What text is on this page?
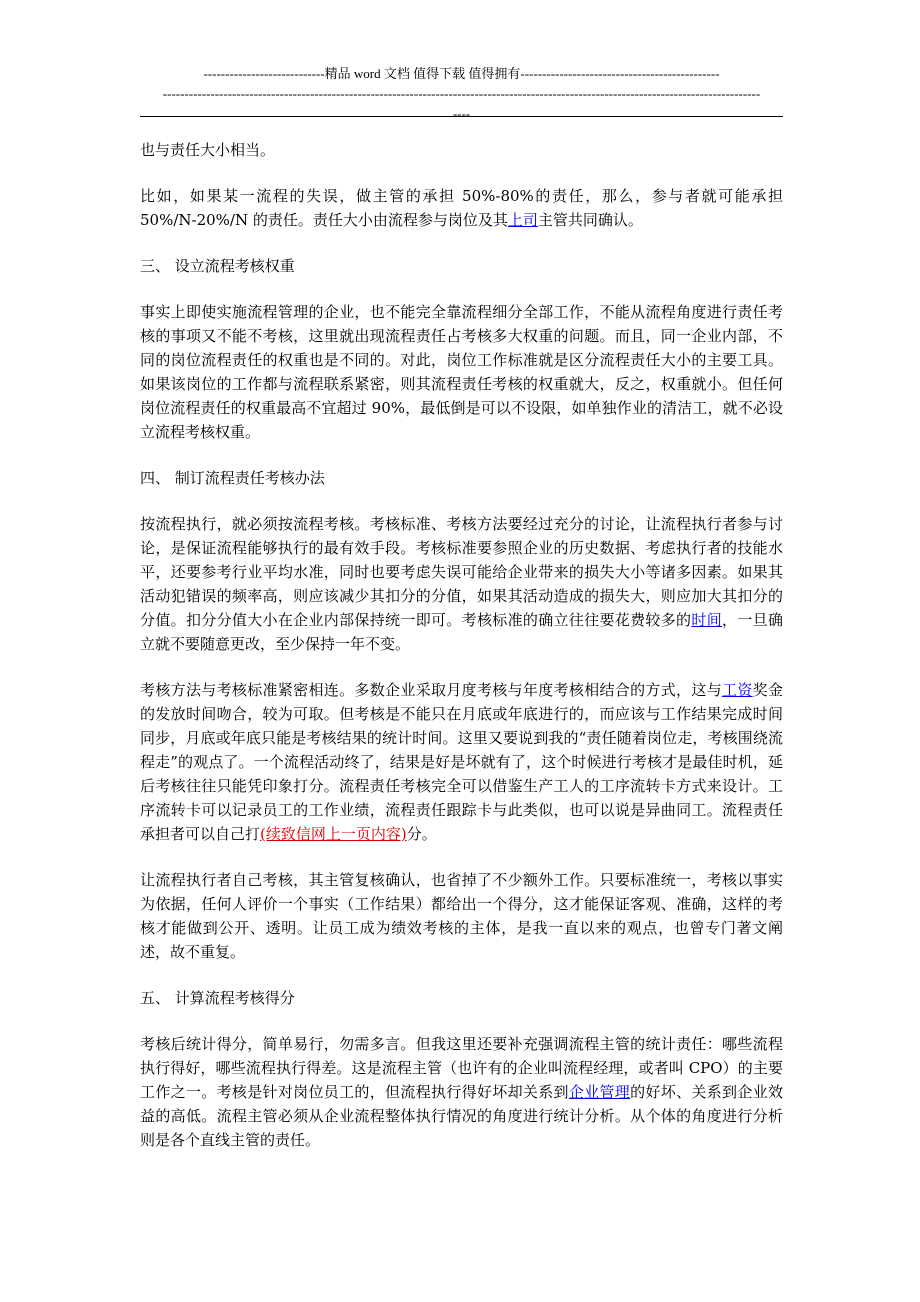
----------------------------精品 word 文档 值得下载 值得拥有----------------------------------------------
------------------------------------------------------------------------------------------------------------------------------------------
----

也与责任大小相当。

比如，如果某一流程的失误，做主管的承担 50%-80%的责任，那么，参与者就可能承担 50%/N-20%/N 的责任。责任大小由流程参与岗位及其上司主管共同确认。

三、 设立流程考核权重

事实上即使实施流程管理的企业，也不能完全靠流程细分全部工作，不能从流程角度进行责任考核的事项又不能不考核，这里就出现流程责任占考核多大权重的问题。而且，同一企业内部，不同的岗位流程责任的权重也是不同的。对此，岗位工作标准就是区分流程责任大小的主要工具。如果该岗位的工作都与流程联系紧密，则其流程责任考核的权重就大，反之，权重就小。但任何岗位流程责任的权重最高不宜超过 90%，最低倒是可以不设限，如单独作业的清洁工，就不必设立流程考核权重。

四、 制订流程责任考核办法

按流程执行，就必须按流程考核。考核标准、考核方法要经过充分的讨论，让流程执行者参与讨论，是保证流程能够执行的最有效手段。考核标准要参照企业的历史数据、考虑执行者的技能水平，还要参考行业平均水准，同时也要考虑失误可能给企业带来的损失大小等诸多因素。如果其活动犯错误的频率高，则应该减少其扣分的分值，如果其活动造成的损失大，则应加大其扣分的分值。扣分分值大小在企业内部保持统一即可。考核标准的确立往往要花费较多的时间，一旦确立就不要随意更改，至少保持一年不变。

考核方法与考核标准紧密相连。多数企业采取月度考核与年度考核相结合的方式，这与工资奖金的发放时间吻合，较为可取。但考核是不能只在月底或年底进行的，而应该与工作结果完成时间同步，月底或年底只能是考核结果的统计时间。这里又要说到我的“责任随着岗位走，考核围绕流程走”的观点了。一个流程活动终了，结果是好是坏就有了，这个时候进行考核才是最佳时机，延后考核往往只能凭印象打分。流程责任考核完全可以借鉴生产工人的工序流转卡方式来设计。工序流转卡可以记录员工的工作业绩，流程责任跟踪卡与此类似，也可以说是异曲同工。流程责任承担者可以自己打(续致信网上一页内容)分。

让流程执行者自己考核，其主管复核确认，也省掉了不少额外工作。只要标准统一，考核以事实为依据，任何人评价一个事实（工作结果）都给出一个得分，这才能保证客观、准确，这样的考核才能做到公开、透明。让员工成为绩效考核的主体，是我一直以来的观点，也曾专门著文阐述，故不重复。

五、 计算流程考核得分

考核后统计得分，简单易行，勿需多言。但我这里还要补充强调流程主管的统计责任：哪些流程执行得好，哪些流程执行得差。这是流程主管（也许有的企业叫流程经理，或者叫 CPO）的主要工作之一。考核是针对岗位员工的，但流程执行得好坏却关系到企业管理的好坏、关系到企业效益的高低。流程主管必须从企业流程整体执行情况的角度进行统计分析。从个体的角度进行分析则是各个直线主管的责任。
